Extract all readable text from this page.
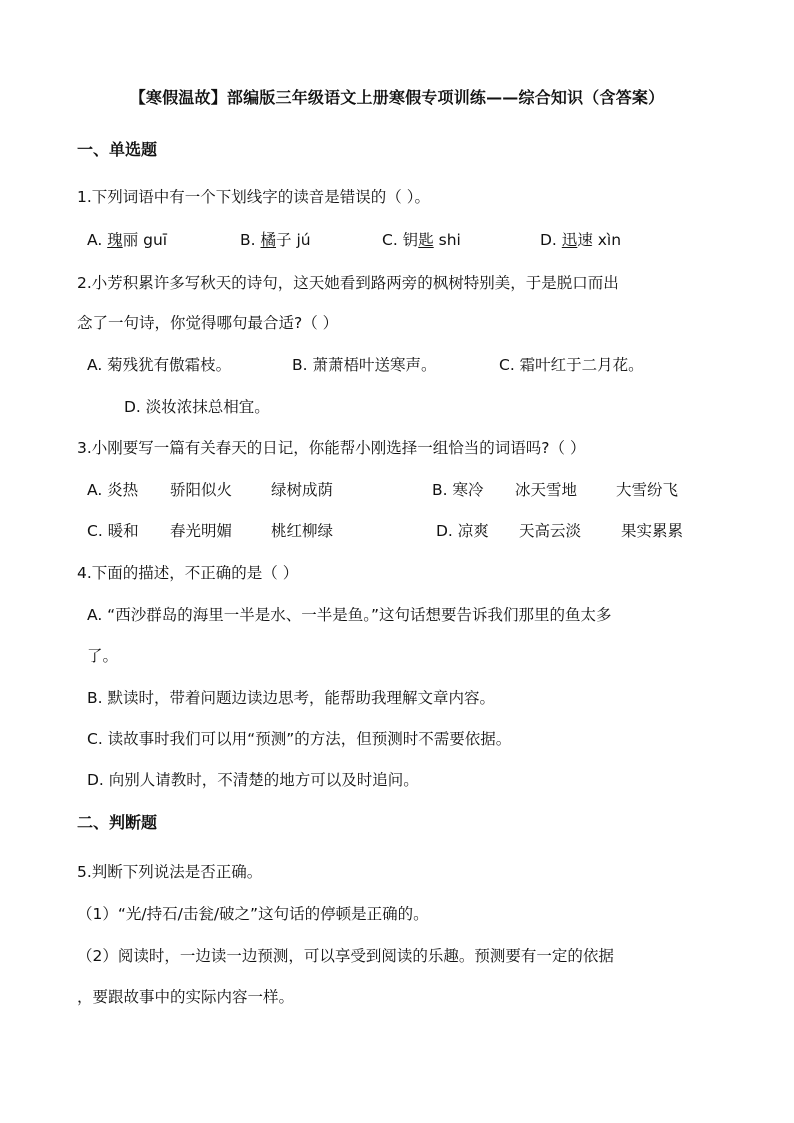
【寒假温故】部编版三年级语文上册寒假专项训练——综合知识（含答案）
一、单选题
1.下列词语中有一个下划线字的读音是错误的（ ）。
A. 瑰丽 guī	B. 橘子 jú	C. 钥匙 shi	D. 迅速 xìn
2.小芳积累许多写秋天的诗句，这天她看到路两旁的枫树特别美，于是脱口而出
念了一句诗，你觉得哪句最合适?（ ）
A. 菊残犹有傲霜枝。	B. 萧萧梧叶送寒声。	C. 霜叶红于二月花。
D. 淡妆浓抹总相宜。
3.小刚要写一篇有关春天的日记，你能帮小刚选择一组恰当的词语吗?（ ）
A. 炎热 骄阳似火	绿树成荫	B. 寒冷 冰天雪地	大雪纷飞
C. 暖和 春光明媚	桃红柳绿	D. 凉爽 天高云淡	果实累累
4.下面的描述，不正确的是（ ）
A. “西沙群岛的海里一半是水、一半是鱼。”这句话想要告诉我们那里的鱼太多
了。
B. 默读时，带着问题边读边思考，能帮助我理解文章内容。
C. 读故事时我们可以用“预测”的方法，但预测时不需要依据。
D. 向别人请教时，不清楚的地方可以及时追问。
二、判断题
5.判断下列说法是否正确。
（1）“光/持石/击瓮/破之”这句话的停顿是正确的。
（2）阅读时，一边读一边预测，可以享受到阅读的乐趣。预测要有一定的依据
，要跟故事中的实际内容一样。
